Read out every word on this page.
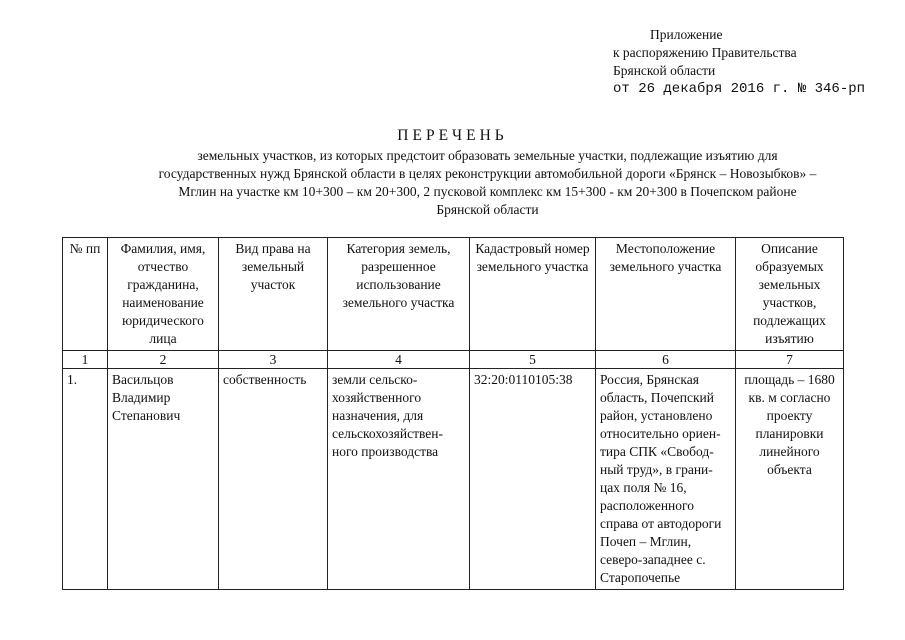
Приложение
к распоряжению Правительства
Брянской области
от 26 декабря 2016 г. № 346-рп
ПЕРЕЧЕНЬ
земельных участков, из которых предстоит образовать земельные участки, подлежащие изъятию для государственных нужд Брянской области в целях реконструкции автомобильной дороги «Брянск – Новозыбков» – Мглин на участке км 10+300 – км 20+300, 2 пусковой комплекс км 15+300 - км 20+300 в Почепском районе Брянской области
№ пп	Фамилия, имя, отчество гражданина, наименование юридического лица	Вид права на земельный участок	Категория земель, разрешенное использование земельного участка	Кадастровый номер земельного участка	Местоположение земельного участка	Описание образуемых земельных участков, подлежащих изъятию
1	2	3	4	5	6	7
1.	Васильцов Владимир Степанович	собственность	земли сельско-хозяйственного назначения, для сельскохозяйствен-ного производства	32:20:0110105:38	Россия, Брянская область, Почепский район, установлено относительно ориен-тира СПК «Свобод-ный труд», в грани-цах поля № 16, расположенного справа от автодороги Почеп – Мглин, северо-западнее с. Старопочепье	площадь – 1680 кв. м согласно проекту планировки линейного объекта
